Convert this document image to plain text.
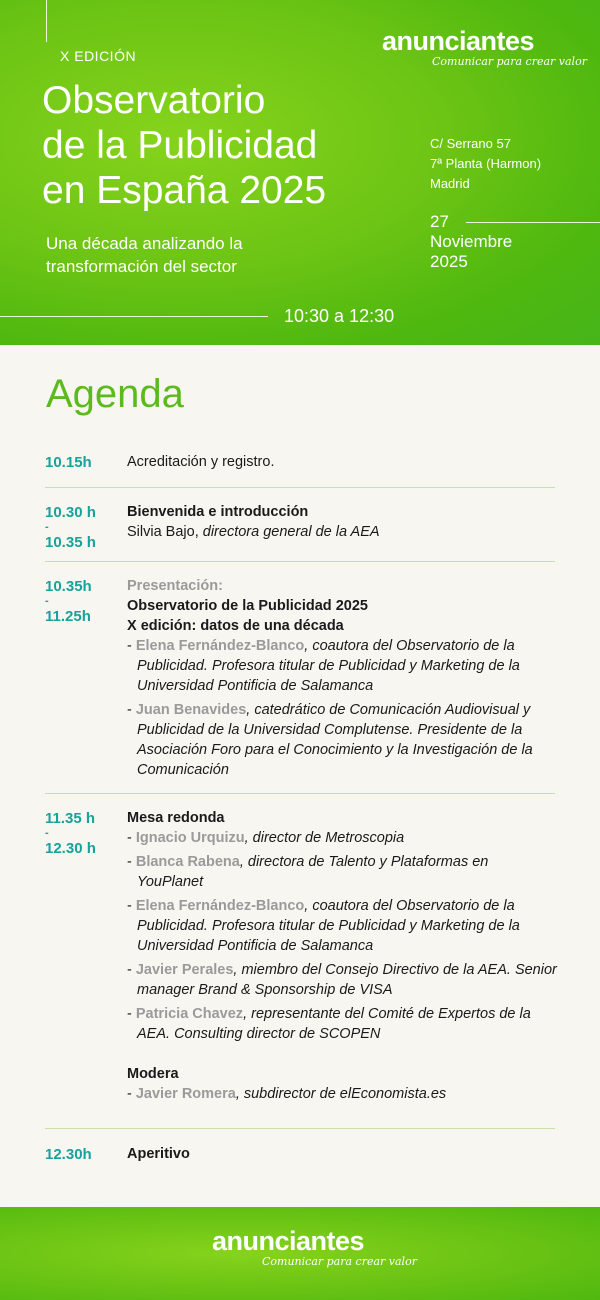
X EDICIÓN
Observatorio
de la Publicidad
en España 2025
Una década analizando la
transformación del sector
anunciantes
Comunicar para crear valor
C/ Serrano 57
7ª Planta (Harmon)
Madrid
27
Noviembre
2025
10:30 a 12:30
Agenda
10.15h	Acreditación y registro.
10.30 h
-
10.35 h
Bienvenida e introducción
Silvia Bajo, directora general de la AEA
10.35h
-
11.25h
Presentación:
Observatorio de la Publicidad 2025
X edición: datos de una década
- Elena Fernández-Blanco, coautora del Observatorio de la Publicidad. Profesora titular de Publicidad y Marketing de la Universidad Pontificia de Salamanca
- Juan Benavides, catedrático de Comunicación Audiovisual y Publicidad de la Universidad Complutense. Presidente de la Asociación Foro para el Conocimiento y la Investigación de la Comunicación
11.35 h
-
12.30 h
Mesa redonda
- Ignacio Urquizu, director de Metroscopia
- Blanca Rabena, directora de Talento y Plataformas en YouPlanet
- Elena Fernández-Blanco, coautora del Observatorio de la Publicidad. Profesora titular de Publicidad y Marketing de la Universidad Pontificia de Salamanca
- Javier Perales, miembro del Consejo Directivo de la AEA. Senior manager Brand & Sponsorship de VISA
- Patricia Chavez, representante del Comité de Expertos de la AEA. Consulting director de SCOPEN
Modera
- Javier Romera, subdirector de elEconomista.es
12.30h	Aperitivo
anunciantes
Comunicar para crear valor
